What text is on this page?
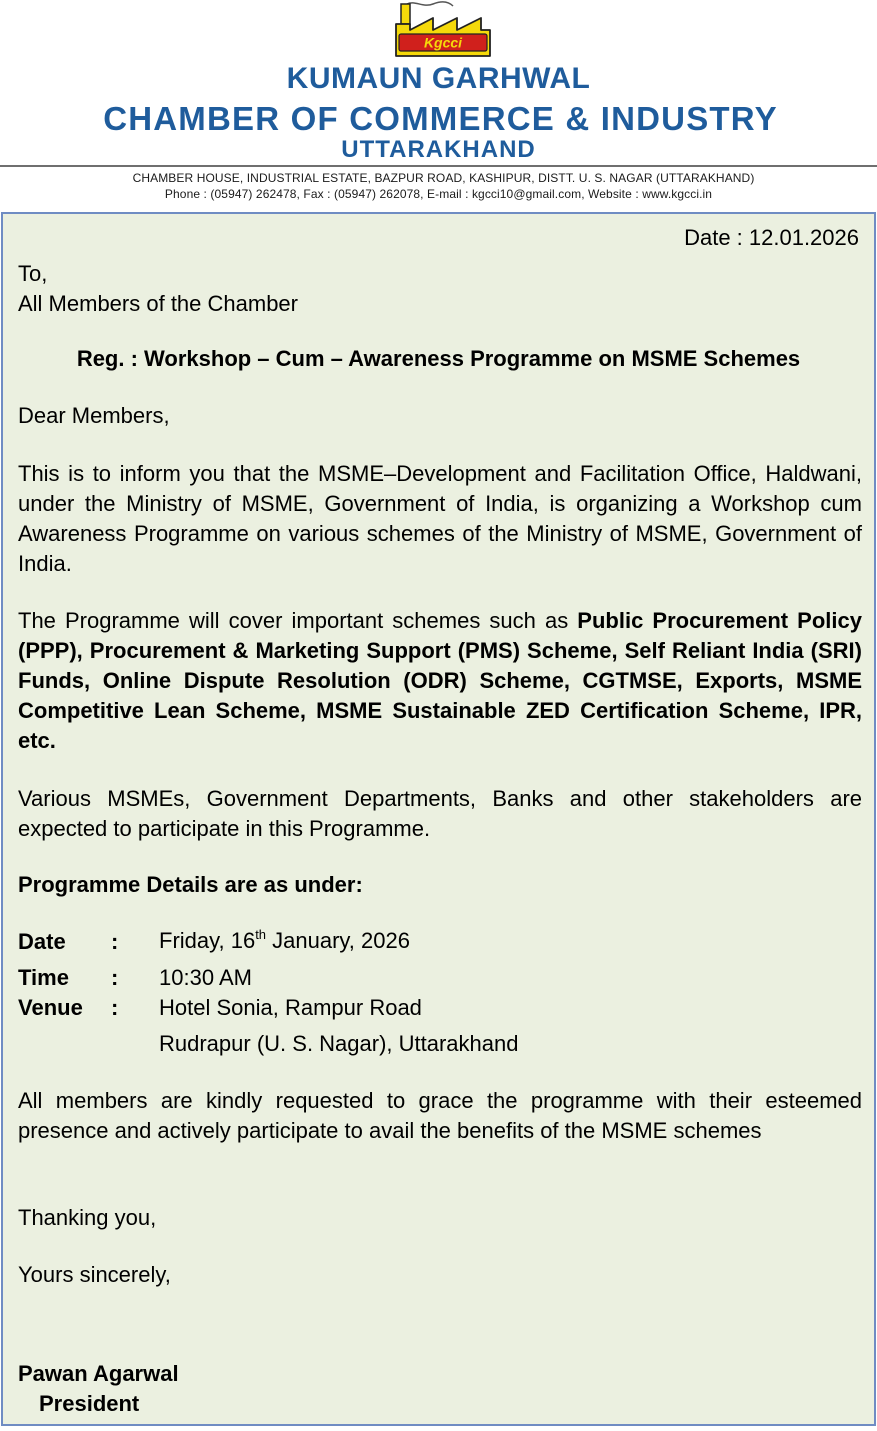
Kgcci
KUMAUN GARHWAL
CHAMBER OF COMMERCE & INDUSTRY
UTTARAKHAND
CHAMBER HOUSE, INDUSTRIAL ESTATE, BAZPUR ROAD, KASHIPUR, DISTT. U. S. NAGAR (UTTARAKHAND)
Phone : (05947) 262478, Fax : (05947) 262078, E-mail : kgcci10@gmail.com, Website : www.kgcci.in
Date : 12.01.2026
To,
All Members of the Chamber
Reg. : Workshop – Cum – Awareness Programme on MSME Schemes
Dear Members,
This is to inform you that the MSME–Development and Facilitation Office, Haldwani, under the Ministry of MSME, Government of India, is organizing a Workshop cum Awareness Programme on various schemes of the Ministry of MSME, Government of India.
The Programme will cover important schemes such as Public Procurement Policy (PPP), Procurement & Marketing Support (PMS) Scheme, Self Reliant India (SRI) Funds, Online Dispute Resolution (ODR) Scheme, CGTMSE, Exports, MSME Competitive Lean Scheme, MSME Sustainable ZED Certification Scheme, IPR, etc.
Various MSMEs, Government Departments, Banks and other stakeholders are expected to participate in this Programme.
Programme Details are as under:
Date : Friday, 16th January, 2026
Time : 10:30 AM
Venue : Hotel Sonia, Rampur Road
Rudrapur (U. S. Nagar), Uttarakhand
All members are kindly requested to grace the programme with their esteemed presence and actively participate to avail the benefits of the MSME schemes
Thanking you,
Yours sincerely,
Pawan Agarwal
President
